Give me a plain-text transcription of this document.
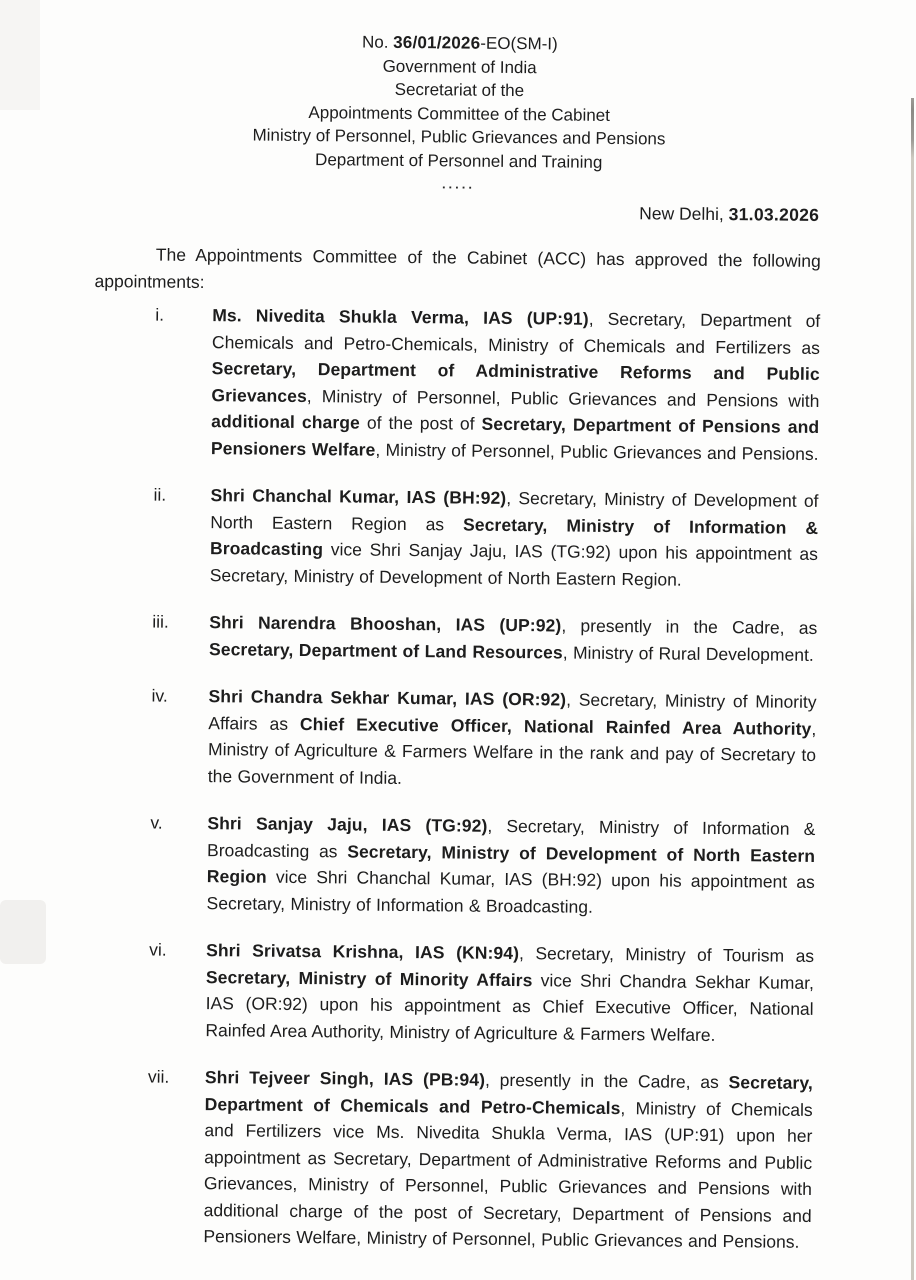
No. 36/01/2026-EO(SM-I)
Government of India
Secretariat of the
Appointments Committee of the Cabinet
Ministry of Personnel, Public Grievances and Pensions
Department of Personnel and Training
.....
New Delhi, 31.03.2026

The Appointments Committee of the Cabinet (ACC) has approved the following appointments:

i.	Ms. Nivedita Shukla Verma, IAS (UP:91), Secretary, Department of Chemicals and Petro-Chemicals, Ministry of Chemicals and Fertilizers as Secretary, Department of Administrative Reforms and Public Grievances, Ministry of Personnel, Public Grievances and Pensions with additional charge of the post of Secretary, Department of Pensions and Pensioners Welfare, Ministry of Personnel, Public Grievances and Pensions.

ii.	Shri Chanchal Kumar, IAS (BH:92), Secretary, Ministry of Development of North Eastern Region as Secretary, Ministry of Information & Broadcasting vice Shri Sanjay Jaju, IAS (TG:92) upon his appointment as Secretary, Ministry of Development of North Eastern Region.

iii. Shri Narendra Bhooshan, IAS (UP:92), presently in the Cadre, as Secretary, Department of Land Resources, Ministry of Rural Development.

iv. Shri Chandra Sekhar Kumar, IAS (OR:92), Secretary, Ministry of Minority Affairs as Chief Executive Officer, National Rainfed Area Authority, Ministry of Agriculture & Farmers Welfare in the rank and pay of Secretary to the Government of India.

v.	Shri Sanjay Jaju, IAS (TG:92), Secretary, Ministry of Information & Broadcasting as Secretary, Ministry of Development of North Eastern Region vice Shri Chanchal Kumar, IAS (BH:92) upon his appointment as Secretary, Ministry of Information & Broadcasting.

vi. Shri Srivatsa Krishna, IAS (KN:94), Secretary, Ministry of Tourism as Secretary, Ministry of Minority Affairs vice Shri Chandra Sekhar Kumar, IAS (OR:92) upon his appointment as Chief Executive Officer, National Rainfed Area Authority, Ministry of Agriculture & Farmers Welfare.

vii. Shri Tejveer Singh, IAS (PB:94), presently in the Cadre, as Secretary, Department of Chemicals and Petro-Chemicals, Ministry of Chemicals and Fertilizers vice Ms. Nivedita Shukla Verma, IAS (UP:91) upon her appointment as Secretary, Department of Administrative Reforms and Public Grievances, Ministry of Personnel, Public Grievances and Pensions with additional charge of the post of Secretary, Department of Pensions and Pensioners Welfare, Ministry of Personnel, Public Grievances and Pensions.
